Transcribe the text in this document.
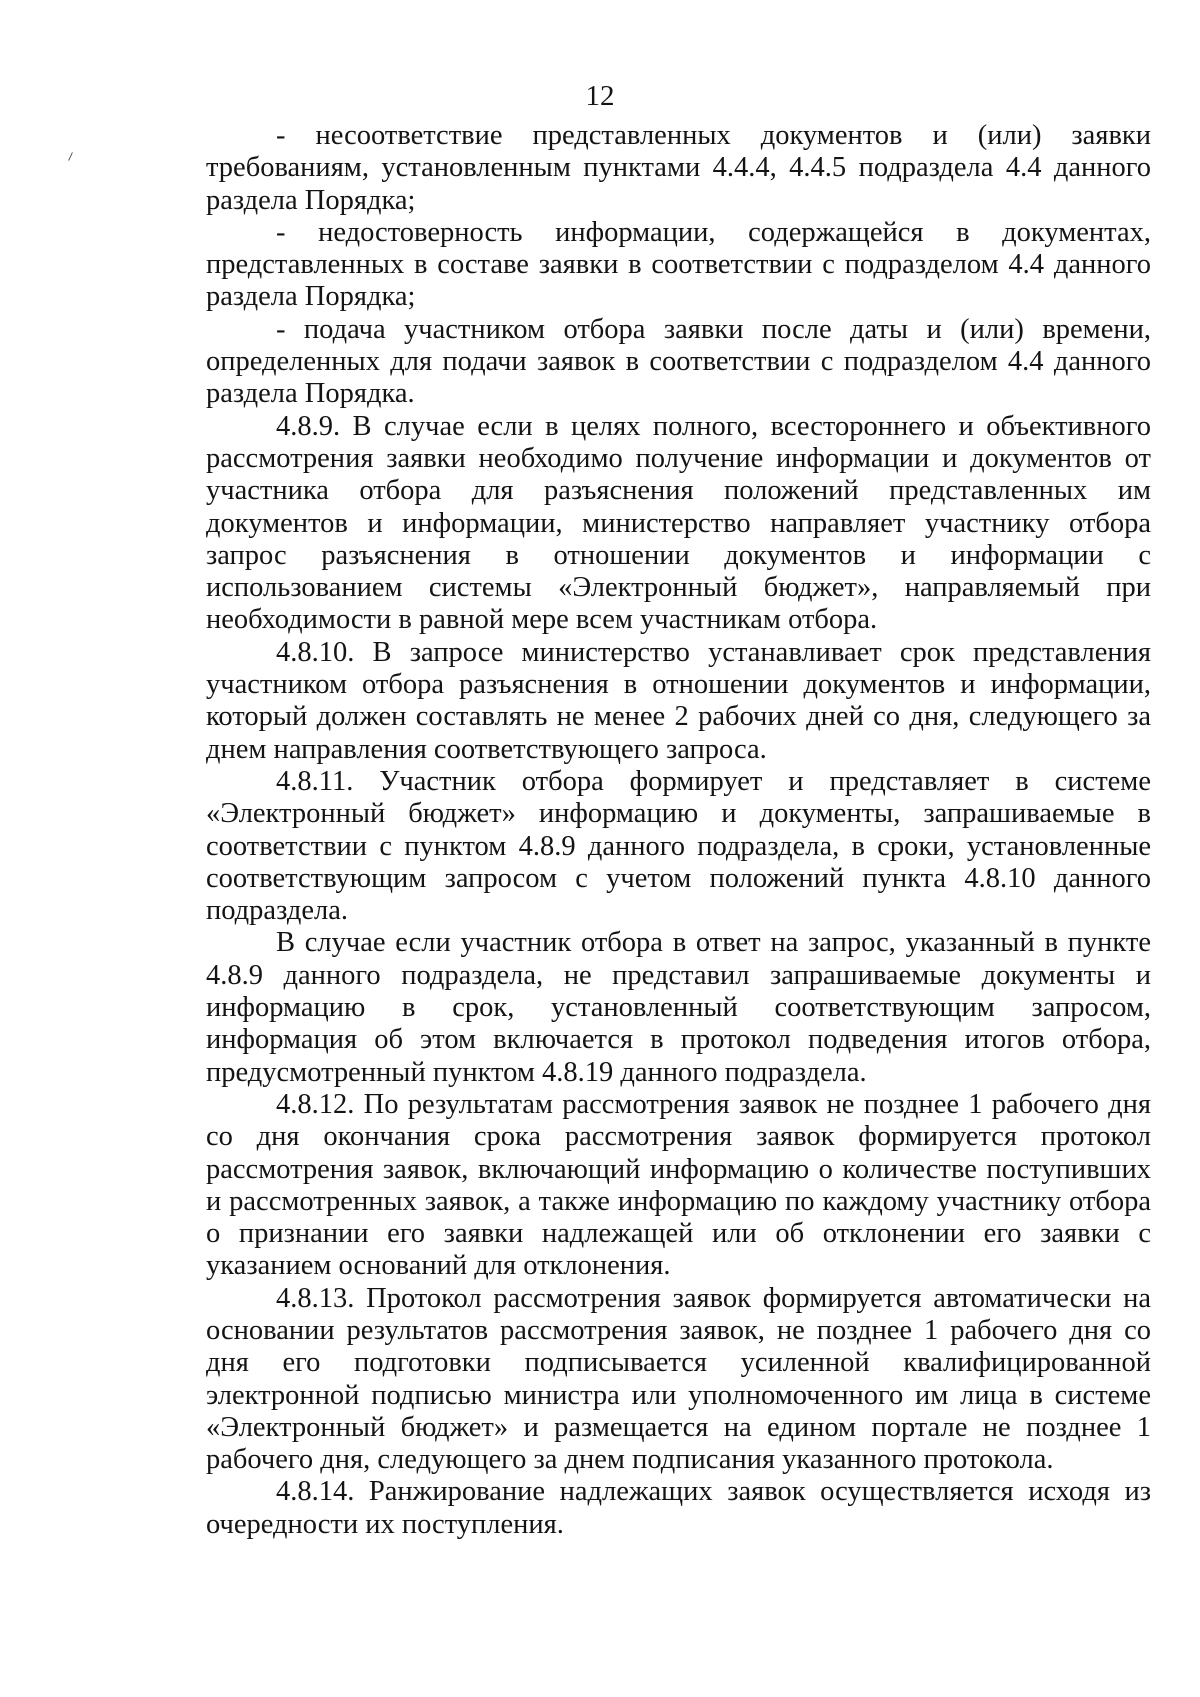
12

- несоответствие представленных документов и (или) заявки требованиям, установленным пунктами 4.4.4, 4.4.5 подраздела 4.4 данного раздела Порядка;

- недостоверность информации, содержащейся в документах, представленных в составе заявки в соответствии с подразделом 4.4 данного раздела Порядка;

- подача участником отбора заявки после даты и (или) времени, определенных для подачи заявок в соответствии с подразделом 4.4 данного раздела Порядка.

4.8.9. В случае если в целях полного, всестороннего и объективного рассмотрения заявки необходимо получение информации и документов от участника отбора для разъяснения положений представленных им документов и информации, министерство направляет участнику отбора запрос разъяснения в отношении документов и информации с использованием системы «Электронный бюджет», направляемый при необходимости в равной мере всем участникам отбора.

4.8.10. В запросе министерство устанавливает срок представления участником отбора разъяснения в отношении документов и информации, который должен составлять не менее 2 рабочих дней со дня, следующего за днем направления соответствующего запроса.

4.8.11. Участник отбора формирует и представляет в системе «Электронный бюджет» информацию и документы, запрашиваемые в соответствии с пунктом 4.8.9 данного подраздела, в сроки, установленные соответствующим запросом с учетом положений пункта 4.8.10 данного подраздела.

В случае если участник отбора в ответ на запрос, указанный в пункте 4.8.9 данного подраздела, не представил запрашиваемые документы и информацию в срок, установленный соответствующим запросом, информация об этом включается в протокол подведения итогов отбора, предусмотренный пунктом 4.8.19 данного подраздела.

4.8.12. По результатам рассмотрения заявок не позднее 1 рабочего дня со дня окончания срока рассмотрения заявок формируется протокол рассмотрения заявок, включающий информацию о количестве поступивших и рассмотренных заявок, а также информацию по каждому участнику отбора о признании его заявки надлежащей или об отклонении его заявки с указанием оснований для отклонения.

4.8.13. Протокол рассмотрения заявок формируется автоматически на основании результатов рассмотрения заявок, не позднее 1 рабочего дня со дня его подготовки подписывается усиленной квалифицированной электронной подписью министра или уполномоченного им лица в системе «Электронный бюджет» и размещается на едином портале не позднее 1 рабочего дня, следующего за днем подписания указанного протокола.

4.8.14. Ранжирование надлежащих заявок осуществляется исходя из очередности их поступления.
